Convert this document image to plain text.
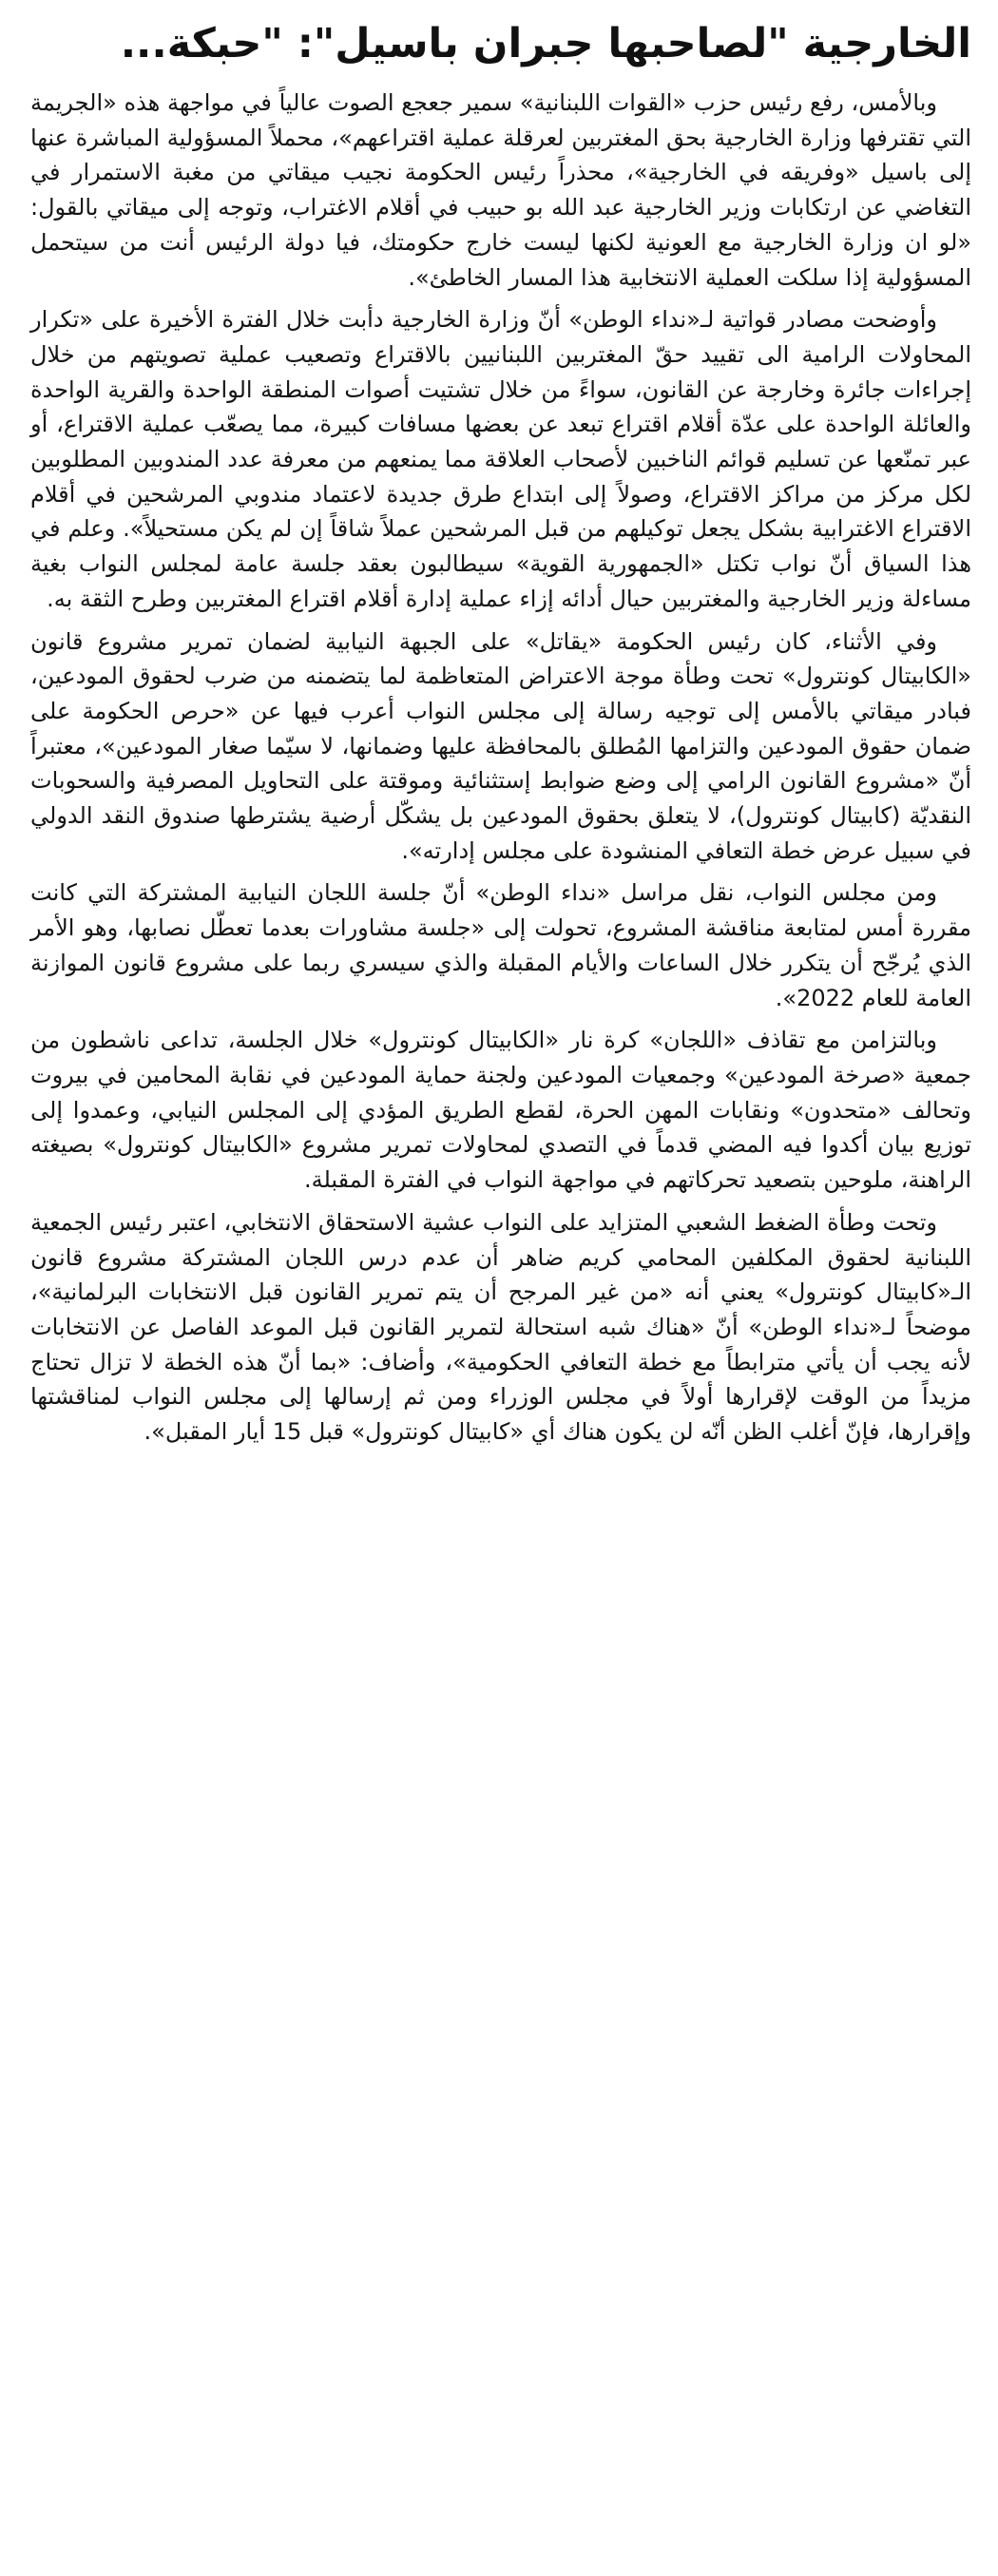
الخارجية "لصاحبها جبران باسيل": "حبكة...

وبالأمس، رفع رئيس حزب «القوات اللبنانية» سمير جعجع الصوت عالياً في مواجهة هذه «الجريمة التي تقترفها وزارة الخارجية بحق المغتربين لعرقلة عملية اقتراعهم»، محملاً المسؤولية المباشرة عنها إلى باسيل «وفريقه في الخارجية»، محذراً رئيس الحكومة نجيب ميقاتي من مغبة الاستمرار في التغاضي عن ارتكابات وزير الخارجية عبد الله بو حبيب في أقلام الاغتراب، وتوجه إلى ميقاتي بالقول: «لو ان وزارة الخارجية مع العونية لكنها ليست خارج حكومتك، فيا دولة الرئيس أنت من سيتحمل المسؤولية إذا سلكت العملية الانتخابية هذا المسار الخاطئ».

وأوضحت مصادر قواتية لـ«نداء الوطن» أنّ وزارة الخارجية دأبت خلال الفترة الأخيرة على «تكرار المحاولات الرامية الى تقييد حقّ المغتربين اللبنانيين بالاقتراع وتصعيب عملية تصويتهم من خلال إجراءات جائرة وخارجة عن القانون، سواءً من خلال تشتيت أصوات المنطقة الواحدة والقرية الواحدة والعائلة الواحدة على عدّة أقلام اقتراع تبعد عن بعضها مسافات كبيرة، مما يصعّب عملية الاقتراع، أو عبر تمنّعها عن تسليم قوائم الناخبين لأصحاب العلاقة مما يمنعهم من معرفة عدد المندوبين المطلوبين لكل مركز من مراكز الاقتراع، وصولاً إلى ابتداع طرق جديدة لاعتماد مندوبي المرشحين في أقلام الاقتراع الاغترابية بشكل يجعل توكيلهم من قبل المرشحين عملاً شاقاً إن لم يكن مستحيلاً». وعلم في هذا السياق أنّ نواب تكتل «الجمهورية القوية» سيطالبون بعقد جلسة عامة لمجلس النواب بغية مساءلة وزير الخارجية والمغتربين حيال أدائه إزاء عملية إدارة أقلام اقتراع المغتربين وطرح الثقة به.

وفي الأثناء، كان رئيس الحكومة «يقاتل» على الجبهة النيابية لضمان تمرير مشروع قانون «الكابيتال كونترول» تحت وطأة موجة الاعتراض المتعاظمة لما يتضمنه من ضرب لحقوق المودعين، فبادر ميقاتي بالأمس إلى توجيه رسالة إلى مجلس النواب أعرب فيها عن «حرص الحكومة على ضمان حقوق المودعين والتزامها المُطلق بالمحافظة عليها وضمانها، لا سيّما صغار المودعين»، معتبراً أنّ «مشروع القانون الرامي إلى وضع ضوابط إستثنائية وموقتة على التحاويل المصرفية والسحوبات النقديّة (كابيتال كونترول)، لا يتعلق بحقوق المودعين بل يشكّل أرضية يشترطها صندوق النقد الدولي في سبيل عرض خطة التعافي المنشودة على مجلس إدارته».

ومن مجلس النواب، نقل مراسل «نداء الوطن» أنّ جلسة اللجان النيابية المشتركة التي كانت مقررة أمس لمتابعة مناقشة المشروع، تحولت إلى «جلسة مشاورات بعدما تعطّل نصابها، وهو الأمر الذي يُرجّح أن يتكرر خلال الساعات والأيام المقبلة والذي سيسري ربما على مشروع قانون الموازنة العامة للعام 2022».

وبالتزامن مع تقاذف «اللجان» كرة نار «الكابيتال كونترول» خلال الجلسة، تداعى ناشطون من جمعية «صرخة المودعين» وجمعيات المودعين ولجنة حماية المودعين في نقابة المحامين في بيروت وتحالف «متحدون» ونقابات المهن الحرة، لقطع الطريق المؤدي إلى المجلس النيابي، وعمدوا إلى توزيع بيان أكدوا فيه المضي قدماً في التصدي لمحاولات تمرير مشروع «الكابيتال كونترول» بصيغته الراهنة، ملوحين بتصعيد تحركاتهم في مواجهة النواب في الفترة المقبلة.

وتحت وطأة الضغط الشعبي المتزايد على النواب عشية الاستحقاق الانتخابي، اعتبر رئيس الجمعية اللبنانية لحقوق المكلفين المحامي كريم ضاهر أن عدم درس اللجان المشتركة مشروع قانون الـ«كابيتال كونترول» يعني أنه «من غير المرجح أن يتم تمرير القانون قبل الانتخابات البرلمانية»، موضحاً لـ«نداء الوطن» أنّ «هناك شبه استحالة لتمرير القانون قبل الموعد الفاصل عن الانتخابات لأنه يجب أن يأتي مترابطاً مع خطة التعافي الحكومية»، وأضاف: «بما أنّ هذه الخطة لا تزال تحتاج مزيداً من الوقت لإقرارها أولاً في مجلس الوزراء ومن ثم إرسالها إلى مجلس النواب لمناقشتها وإقرارها، فإنّ أغلب الظن أنّه لن يكون هناك أي «كابيتال كونترول» قبل 15 أيار المقبل».
